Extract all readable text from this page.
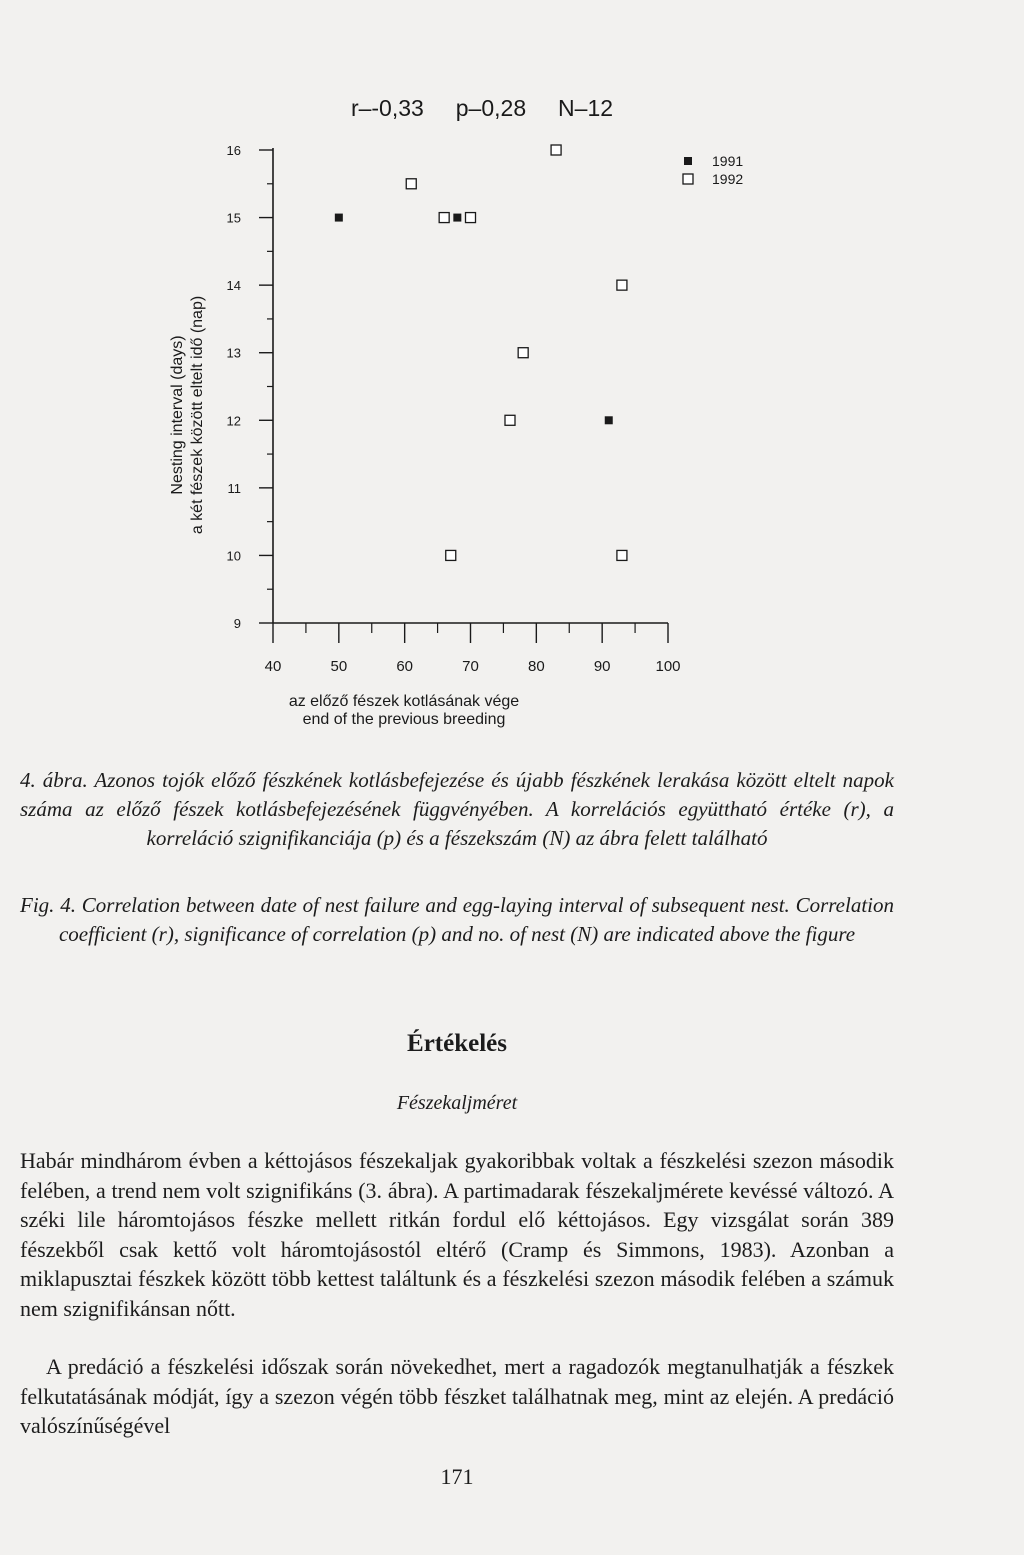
r–-0,33     p–0,28     N–12
Nesting interval (days) a két fészek között eltelt idő (nap)
9
10
11
12
13
14
15
16
40	50	60	70	80	90	100
1991
1992
az előző fészek kotlásának vége
end of the previous breeding
4. ábra. Azonos tojók előző fészkének kotlásbefejezése és újabb fészkének lerakása között eltelt napok száma az előző fészek kotlásbefejezésének függvényében. A korrelációs együttható értéke (r), a korreláció szignifikanciája (p) és a fészekszám (N) az ábra felett található
Fig. 4. Correlation between date of nest failure and egg-laying interval of subsequent nest. Correlation coefficient (r), significance of correlation (p) and no. of nest (N) are indicated above the figure
Értékelés
Fészekaljméret

Habár mindhárom évben a kéttojásos fészekaljak gyakoribbak voltak a fészkelési szezon második felében, a trend nem volt szignifikáns (3. ábra). A partimadarak fészekaljmérete kevéssé változó. A széki lile háromtojásos fészke mellett ritkán fordul elő kéttojásos. Egy vizsgálat során 389 fészekből csak kettő volt háromtojásostól eltérő (Cramp és Simmons, 1983). Azonban a miklapusztai fészkek között több kettest találtunk és a fészkelési szezon második felében a számuk nem szignifikánsan nőtt.

A predáció a fészkelési időszak során növekedhet, mert a ragadozók megtanulhatják a fészkek felkutatásának módját, így a szezon végén több fészket találhatnak meg, mint az elején. A predáció valószínűségével

171
